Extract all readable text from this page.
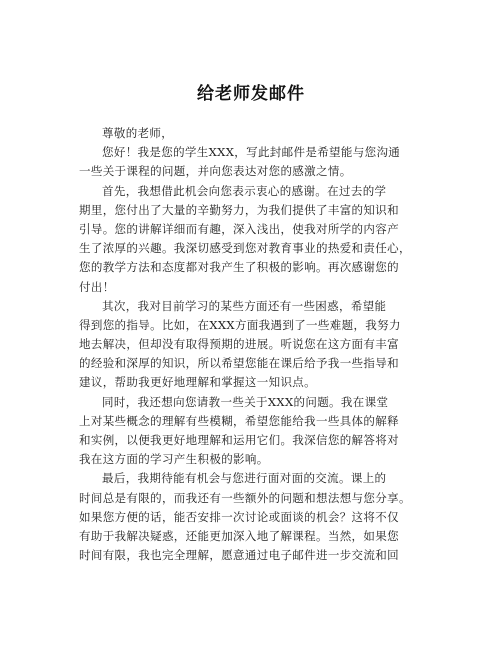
给老师发邮件
尊敬的老师，
您好！我是您的学生XXX，写此封邮件是希望能与您沟通
一些关于课程的问题，并向您表达对您的感激之情。
首先，我想借此机会向您表示衷心的感谢。在过去的学
期里，您付出了大量的辛勤努力，为我们提供了丰富的知识和
引导。您的讲解详细而有趣，深入浅出，使我对所学的内容产
生了浓厚的兴趣。我深切感受到您对教育事业的热爱和责任心，
您的教学方法和态度都对我产生了积极的影响。再次感谢您的
付出！
其次，我对目前学习的某些方面还有一些困惑，希望能
得到您的指导。比如，在XXX方面我遇到了一些难题，我努力
地去解决，但却没有取得预期的进展。听说您在这方面有丰富
的经验和深厚的知识，所以希望您能在课后给予我一些指导和
建议，帮助我更好地理解和掌握这一知识点。
同时，我还想向您请教一些关于XXX的问题。我在课堂
上对某些概念的理解有些模糊，希望您能给我一些具体的解释
和实例，以便我更好地理解和运用它们。我深信您的解答将对
我在这方面的学习产生积极的影响。
最后，我期待能有机会与您进行面对面的交流。课上的
时间总是有限的，而我还有一些额外的问题和想法想与您分享。
如果您方便的话，能否安排一次讨论或面谈的机会？这将不仅
有助于我解决疑惑，还能更加深入地了解课程。当然，如果您
时间有限，我也完全理解，愿意通过电子邮件进一步交流和回
